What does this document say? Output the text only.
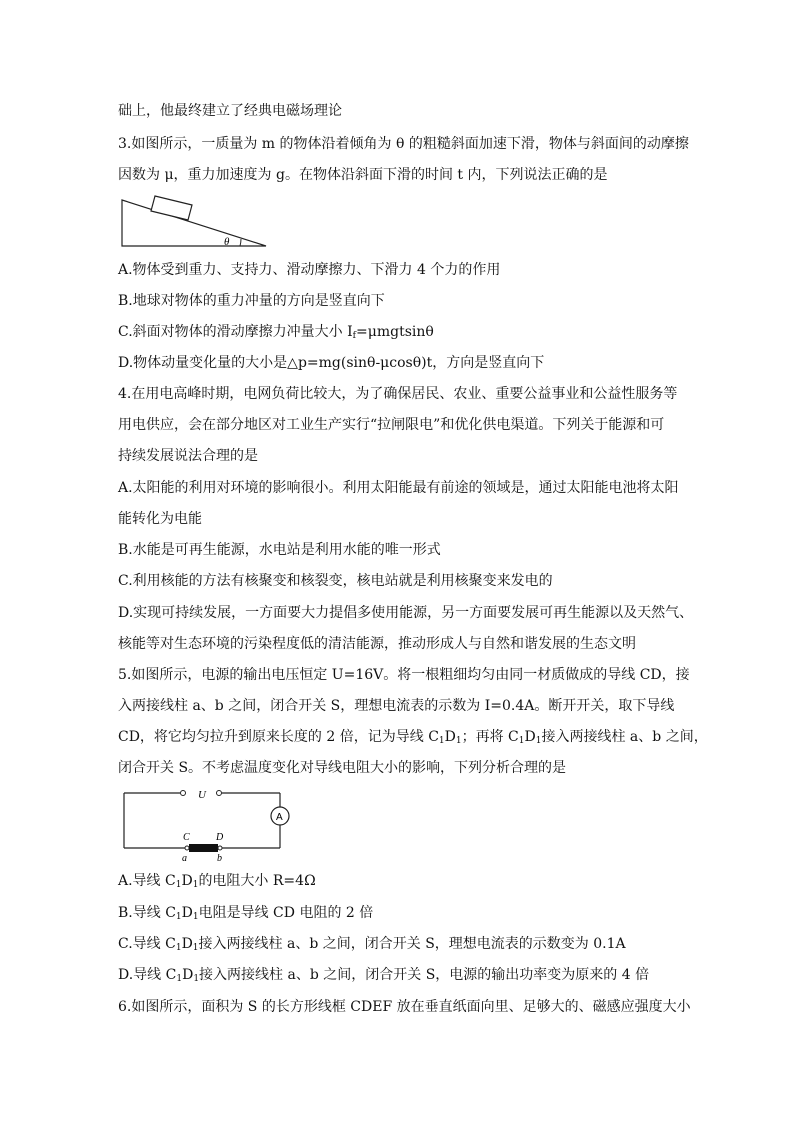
础上，他最终建立了经典电磁场理论
3.如图所示，一质量为 m 的物体沿着倾角为 θ 的粗糙斜面加速下滑，物体与斜面间的动摩擦
因数为 μ，重力加速度为 g。在物体沿斜面下滑的时间 t 内，下列说法正确的是
θ
A.物体受到重力、支持力、滑动摩擦力、下滑力 4 个力的作用
B.地球对物体的重力冲量的方向是竖直向下
C.斜面对物体的滑动摩擦力冲量大小 $I_f=\mu mgtsin\theta$
D.物体动量变化量的大小是△p=mg(sinθ-μcosθ)t，方向是竖直向下
4.在用电高峰时期，电网负荷比较大，为了确保居民、农业、重要公益事业和公益性服务等
用电供应，会在部分地区对工业生产实行“拉闸限电”和优化供电渠道。下列关于能源和可
持续发展说法合理的是
A.太阳能的利用对环境的影响很小。利用太阳能最有前途的领域是，通过太阳能电池将太阳
能转化为电能
B.水能是可再生能源，水电站是利用水能的唯一形式
C.利用核能的方法有核聚变和核裂变，核电站就是利用核聚变来发电的
D.实现可持续发展，一方面要大力提倡多使用能源，另一方面要发展可再生能源以及天然气、
核能等对生态环境的污染程度低的清洁能源，推动形成人与自然和谐发展的生态文明
5.如图所示，电源的输出电压恒定 U=16V。将一根粗细均匀由同一材质做成的导线 CD，接
入两接线柱 a、b 之间，闭合开关 S，理想电流表的示数为 I=0.4A。断开开关，取下导线
CD，将它均匀拉升到原来长度的 2 倍，记为导线 $C_1D_1$；再将 $C_1D_1$接入两接线柱 a、b 之间，
闭合开关 S。不考虑温度变化对导线电阻大小的影响，下列分析合理的是
U
A
C	D
a	b
A.导线 $C_1D_1$的电阻大小 R=4Ω
B.导线 $C_1D_1$电阻是导线 CD 电阻的 2 倍
C.导线 $C_1D_1$接入两接线柱 a、b 之间，闭合开关 S，理想电流表的示数变为 0.1A
D.导线 $C_1D_1$接入两接线柱 a、b 之间，闭合开关 S，电源的输出功率变为原来的 4 倍
6.如图所示，面积为 S 的长方形线框 CDEF 放在垂直纸面向里、足够大的、磁感应强度大小
